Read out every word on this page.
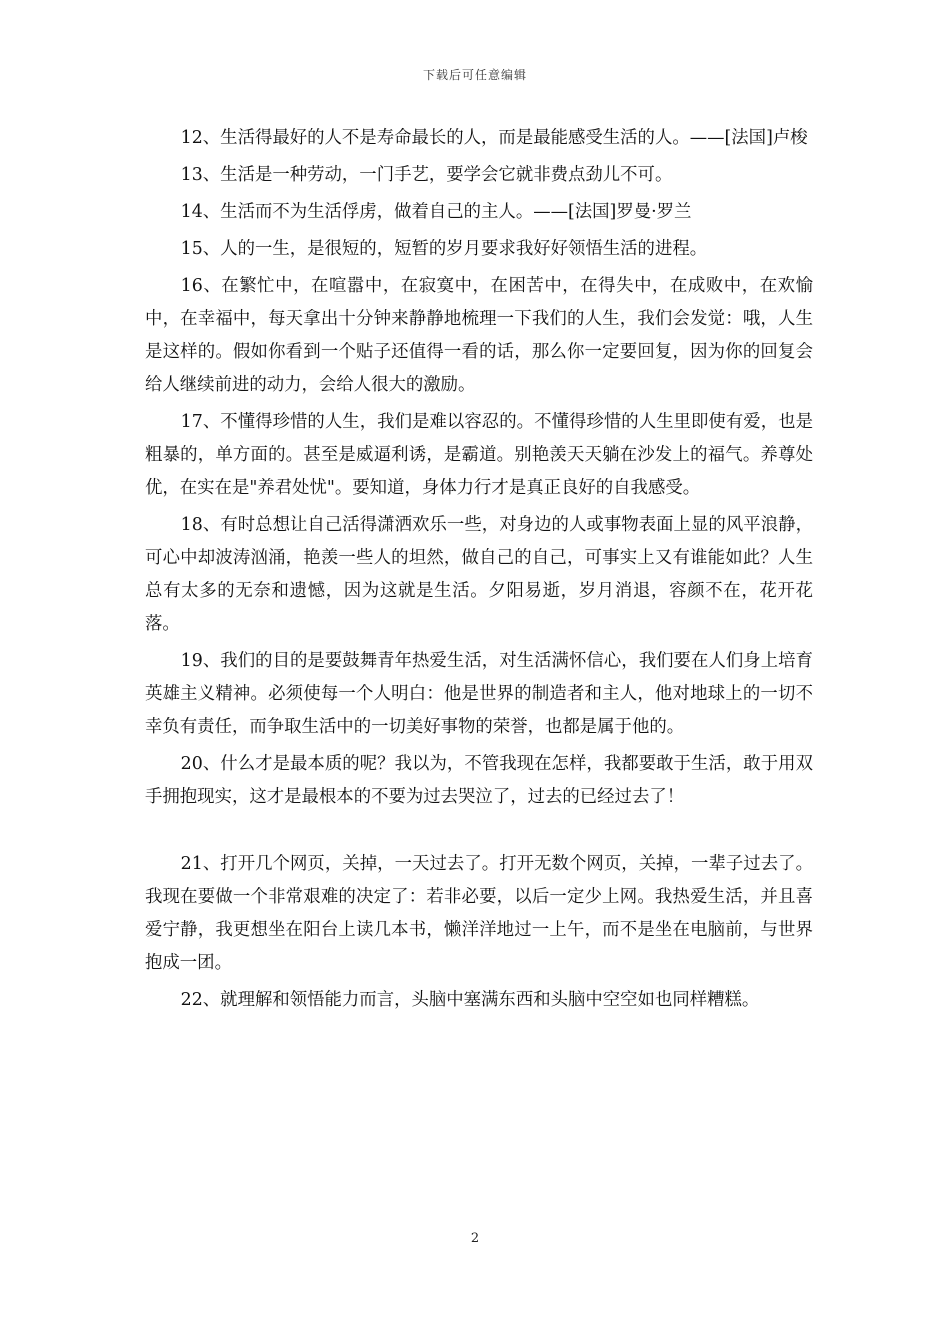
下载后可任意编辑

12、生活得最好的人不是寿命最长的人，而是最能感受生活的人。——[法国]卢梭

13、生活是一种劳动，一门手艺，要学会它就非费点劲儿不可。

14、生活而不为生活俘虏，做着自己的主人。——[法国]罗曼·罗兰

15、人的一生，是很短的，短暂的岁月要求我好好领悟生活的进程。

16、在繁忙中，在喧嚣中，在寂寞中，在困苦中，在得失中，在成败中，在欢愉中，在幸福中，每天拿出十分钟来静静地梳理一下我们的人生，我们会发觉：哦，人生是这样的。假如你看到一个贴子还值得一看的话，那么你一定要回复，因为你的回复会给人继续前进的动力，会给人很大的激励。

17、不懂得珍惜的人生，我们是难以容忍的。不懂得珍惜的人生里即使有爱，也是粗暴的，单方面的。甚至是威逼利诱，是霸道。别艳羡天天躺在沙发上的福气。养尊处优，在实在是"养君处忧"。要知道，身体力行才是真正良好的自我感受。

18、有时总想让自己活得潇洒欢乐一些，对身边的人或事物表面上显的风平浪静，可心中却波涛汹涌，艳羡一些人的坦然，做自己的自己，可事实上又有谁能如此？人生总有太多的无奈和遗憾，因为这就是生活。夕阳易逝，岁月消退，容颜不在，花开花落。

19、我们的目的是要鼓舞青年热爱生活，对生活满怀信心，我们要在人们身上培育英雄主义精神。必须使每一个人明白：他是世界的制造者和主人，他对地球上的一切不幸负有责任，而争取生活中的一切美好事物的荣誉，也都是属于他的。

20、什么才是最本质的呢？我以为，不管我现在怎样，我都要敢于生活，敢于用双手拥抱现实，这才是最根本的不要为过去哭泣了，过去的已经过去了！

21、打开几个网页，关掉，一天过去了。打开无数个网页，关掉，一辈子过去了。我现在要做一个非常艰难的决定了：若非必要，以后一定少上网。我热爱生活，并且喜爱宁静，我更想坐在阳台上读几本书，懒洋洋地过一上午，而不是坐在电脑前，与世界抱成一团。

22、就理解和领悟能力而言，头脑中塞满东西和头脑中空空如也同样糟糕。

2
